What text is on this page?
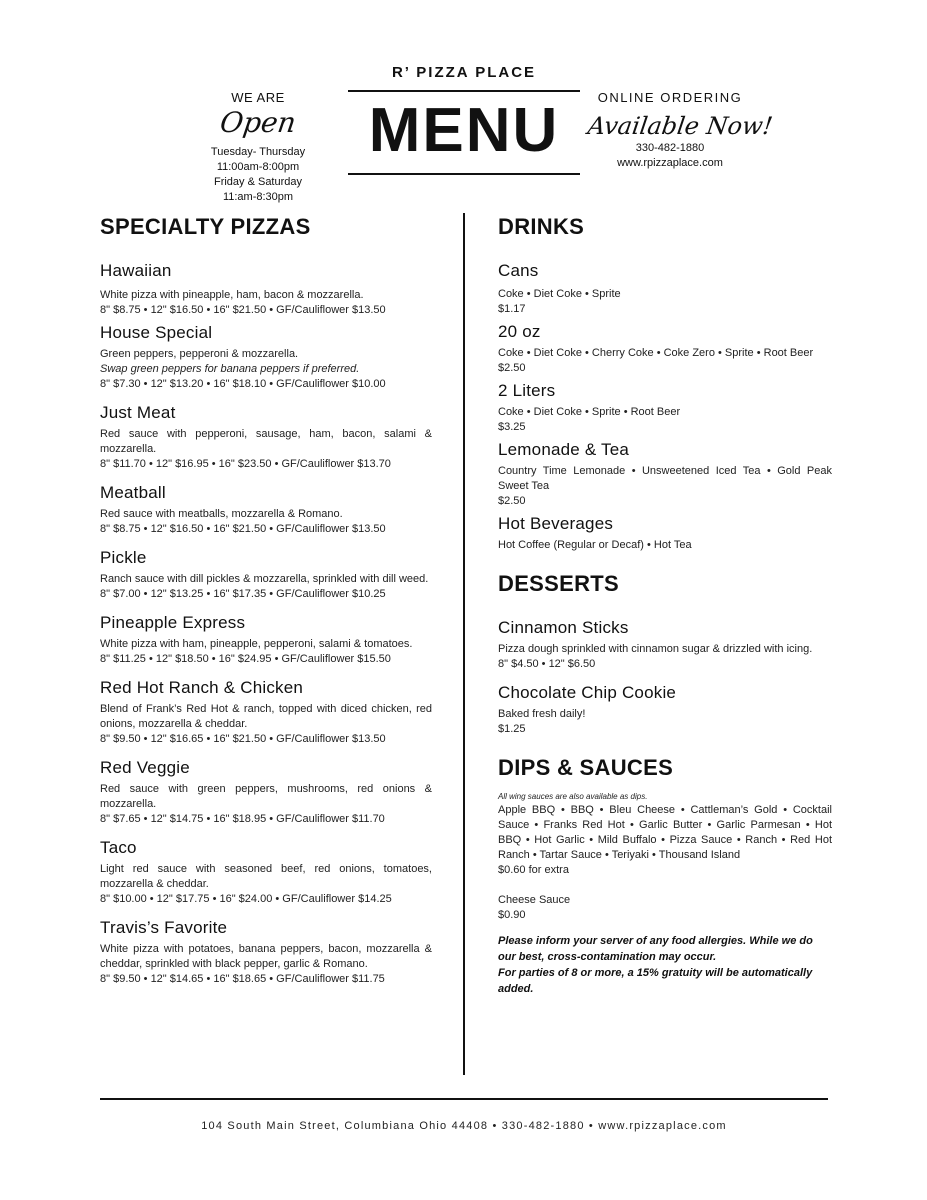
WE ARE
Open
Tuesday- Thursday
11:00am-8:00pm
Friday & Saturday
11:am-8:30pm
R’ PIZZA PLACE
MENU	ONLINE ORDERING
Available Now!
330-482-1880
www.rpizzaplace.com
SPECIALTY PIZZAS
Hawaiian
White pizza with pineapple, ham, bacon & mozzarella.
8" $8.75 • 12" $16.50 • 16" $21.50 • GF/Cauliflower $13.50
House Special
Green peppers, pepperoni & mozzarella.
Swap green peppers for banana peppers if preferred.
8" $7.30 • 12" $13.20 • 16" $18.10 • GF/Cauliflower $10.00
Just Meat
Red sauce with pepperoni, sausage, ham, bacon, salami & mozzarella.
8" $11.70 • 12" $16.95 • 16" $23.50 • GF/Cauliflower $13.70
Meatball
Red sauce with meatballs, mozzarella & Romano.
8" $8.75 • 12" $16.50 • 16" $21.50 • GF/Cauliflower $13.50
Pickle
Ranch sauce with dill pickles & mozzarella, sprinkled with dill weed.
8" $7.00 • 12" $13.25 • 16" $17.35 • GF/Cauliflower $10.25
Pineapple Express
White pizza with ham, pineapple, pepperoni, salami & tomatoes.
8" $11.25 • 12" $18.50 • 16" $24.95 • GF/Cauliflower $15.50
Red Hot Ranch & Chicken
Blend of Frank’s Red Hot & ranch, topped with diced chicken, red onions, mozzarella & cheddar.
8" $9.50 • 12" $16.65 • 16" $21.50 • GF/Cauliflower $13.50
Red Veggie
Red sauce with green peppers, mushrooms, red onions & mozzarella.
8" $7.65 • 12" $14.75 • 16" $18.95 • GF/Cauliflower $11.70
Taco
Light red sauce with seasoned beef, red onions, tomatoes, mozzarella & cheddar.
8" $10.00 • 12" $17.75 • 16" $24.00 • GF/Cauliflower $14.25
Travis’s Favorite
White pizza with potatoes, banana peppers, bacon, mozzarella & cheddar, sprinkled with black pepper, garlic & Romano.
8" $9.50 • 12" $14.65 • 16" $18.65 • GF/Cauliflower $11.75
DRINKS
Cans
Coke • Diet Coke • Sprite
$1.17
20 oz
Coke • Diet Coke • Cherry Coke • Coke Zero • Sprite • Root Beer
$2.50
2 Liters
Coke • Diet Coke • Sprite • Root Beer
$3.25
Lemonade & Tea
Country Time Lemonade • Unsweetened Iced Tea • Gold Peak Sweet Tea
$2.50
Hot Beverages
Hot Coffee (Regular or Decaf) • Hot Tea
DESSERTS
Cinnamon Sticks
Pizza dough sprinkled with cinnamon sugar & drizzled with icing.
8" $4.50 • 12" $6.50
Chocolate Chip Cookie
Baked fresh daily!
$1.25
DIPS & SAUCES
All wing sauces are also available as dips.
Apple BBQ • BBQ • Bleu Cheese • Cattleman’s Gold • Cocktail Sauce • Franks Red Hot • Garlic Butter • Garlic Parmesan • Hot BBQ • Hot Garlic • Mild Buffalo • Pizza Sauce • Ranch • Red Hot Ranch • Tartar Sauce • Teriyaki • Thousand Island
$0.60 for extra
Cheese Sauce
$0.90
Please inform your server of any food allergies. While we do our best, cross-contamination may occur.
For parties of 8 or more, a 15% gratuity will be automatically added.
104 South Main Street, Columbiana Ohio 44408 • 330-482-1880 • www.rpizzaplace.com
